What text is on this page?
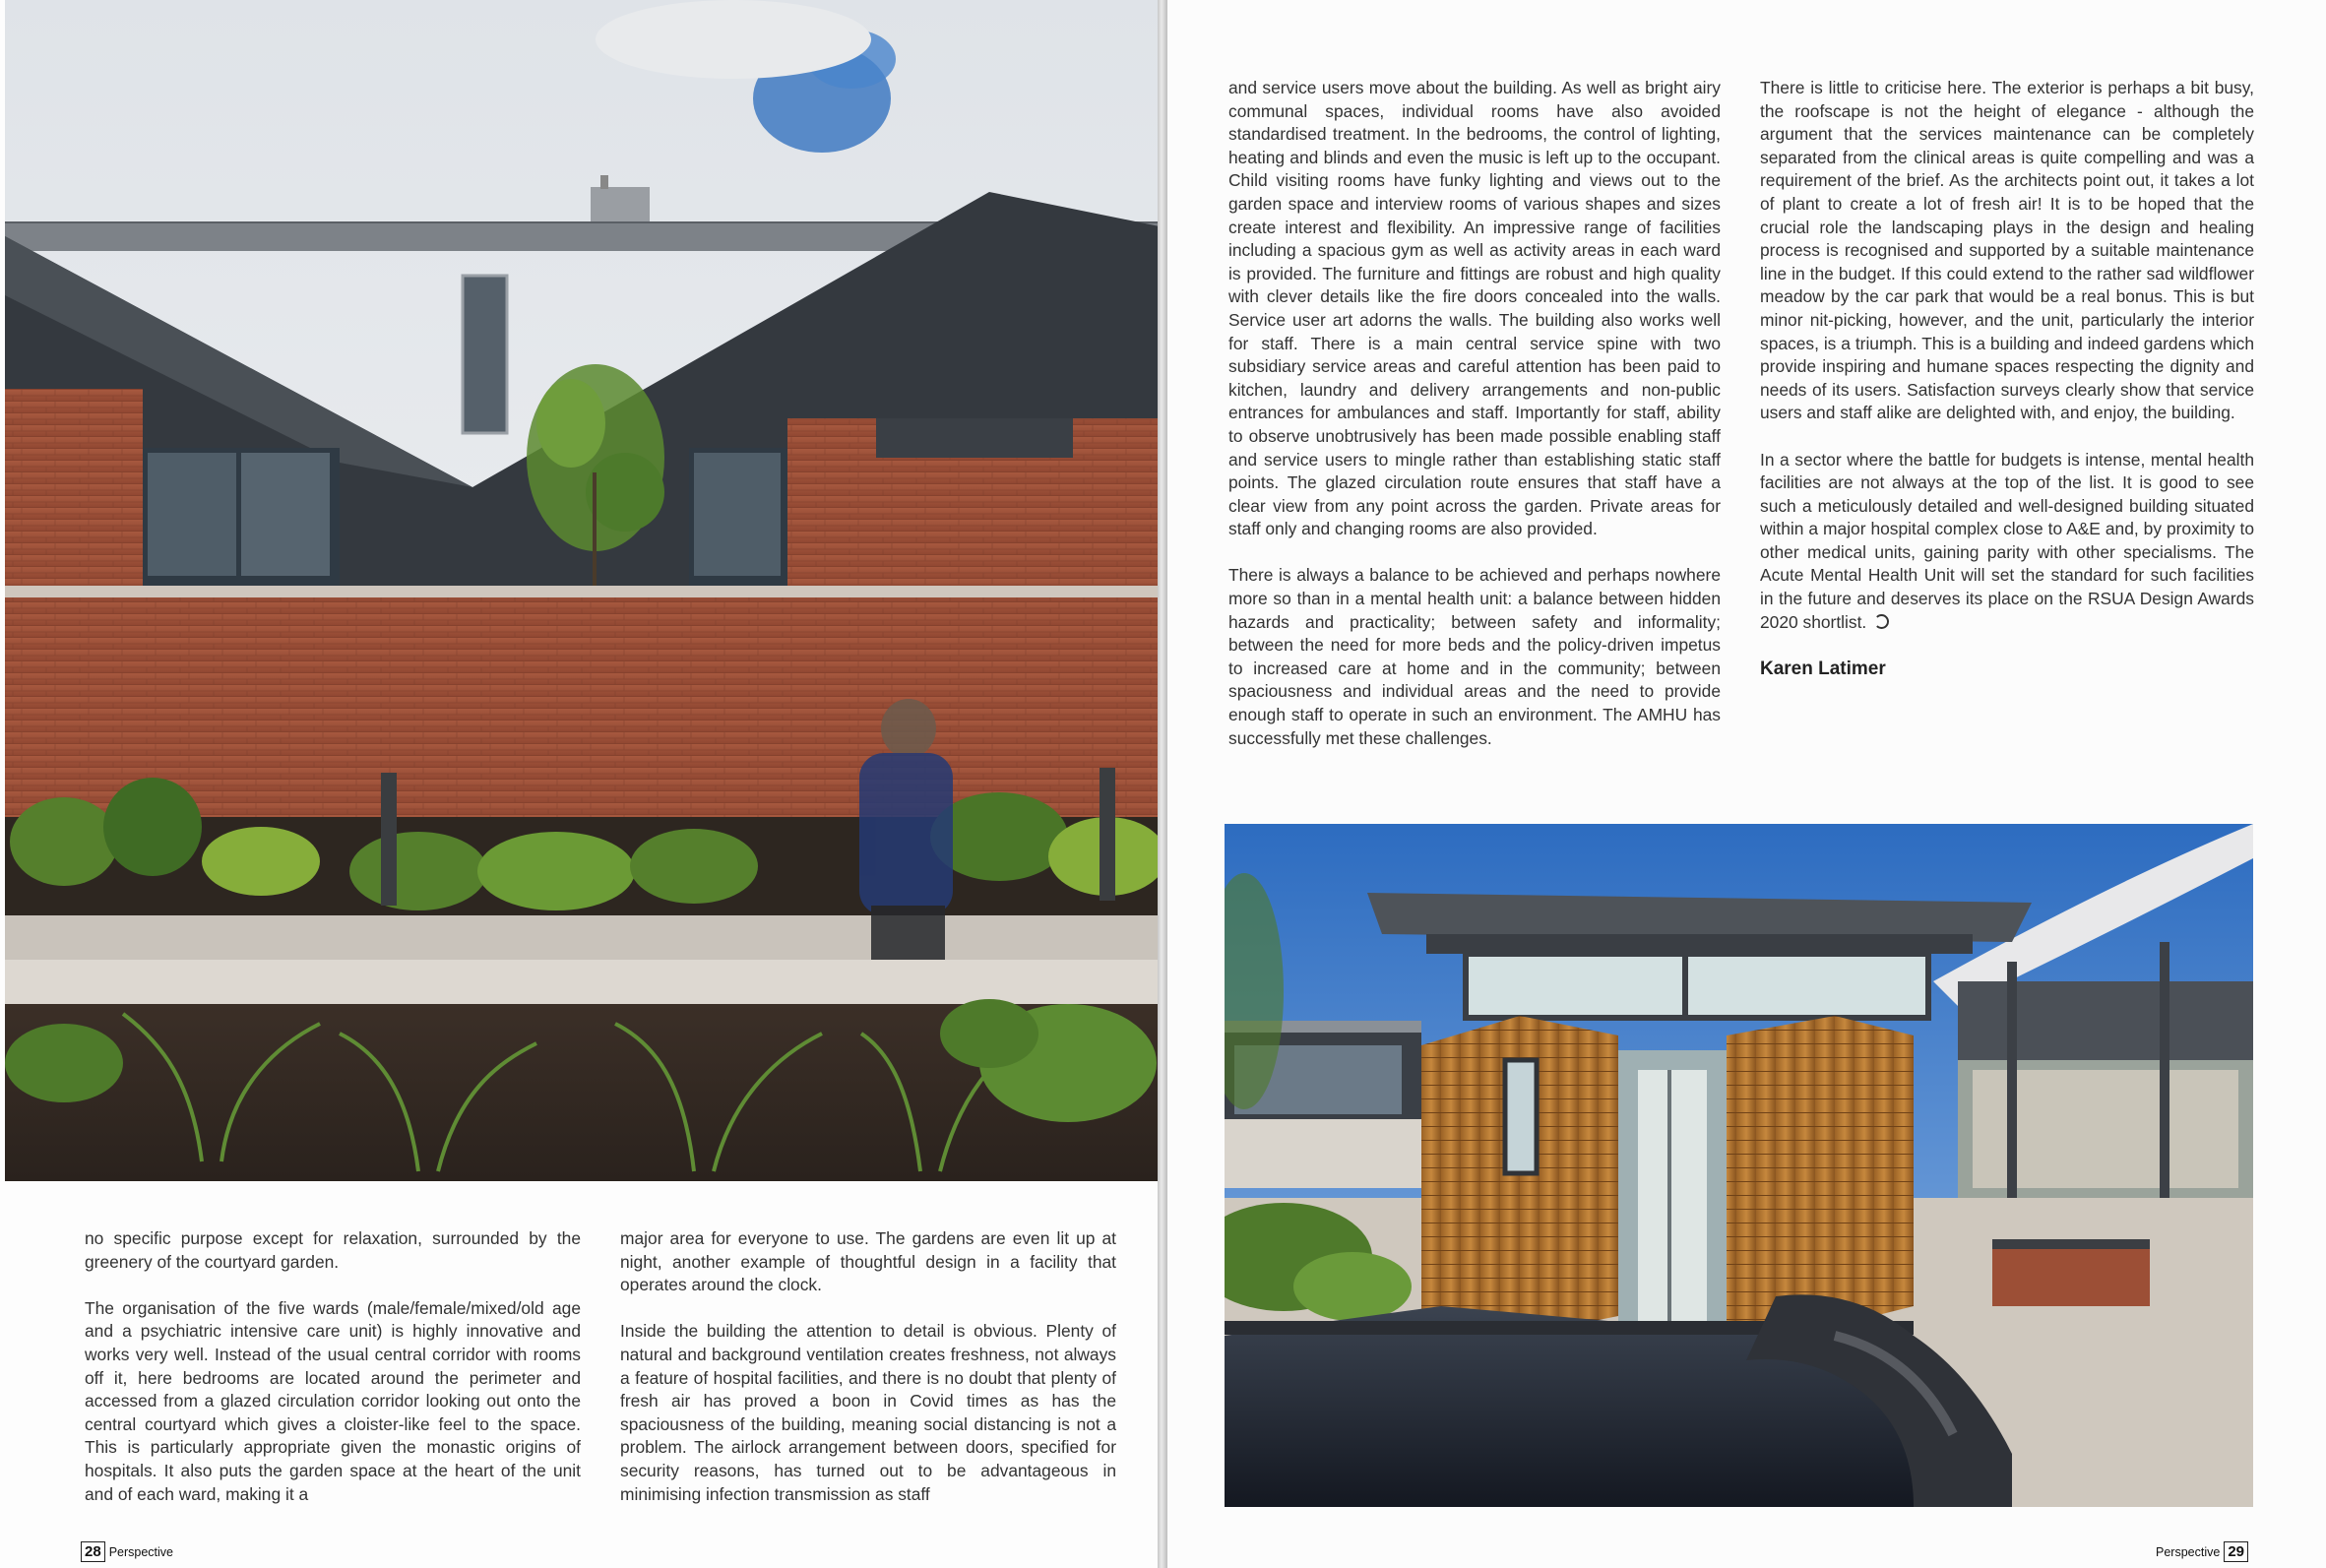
no specific purpose except for relaxation, surrounded by the greenery of the courtyard garden.

The organisation of the five wards (male/female/mixed/old age and a psychiatric intensive care unit) is highly innovative and works very well. Instead of the usual central corridor with rooms off it, here bedrooms are located around the perimeter and accessed from a glazed circulation corridor looking out onto the central courtyard which gives a cloister-like feel to the space. This is particularly appropriate given the monastic origins of hospitals. It also puts the garden space at the heart of the unit and of each ward, making it a

major area for everyone to use. The gardens are even lit up at night, another example of thoughtful design in a facility that operates around the clock.

Inside the building the attention to detail is obvious. Plenty of natural and background ventilation creates freshness, not always a feature of hospital facilities, and there is no doubt that plenty of fresh air has proved a boon in Covid times as has the spaciousness of the building, meaning social distancing is not a problem. The airlock arrangement between doors, specified for security reasons, has turned out to be advantageous in minimising infection transmission as staff

28 Perspective

and service users move about the building. As well as bright airy communal spaces, individual rooms have also avoided standardised treatment. In the bedrooms, the control of lighting, heating and blinds and even the music is left up to the occupant. Child visiting rooms have funky lighting and views out to the garden space and interview rooms of various shapes and sizes create interest and flexibility. An impressive range of facilities including a spacious gym as well as activity areas in each ward is provided. The furniture and fittings are robust and high quality with clever details like the fire doors concealed into the walls. Service user art adorns the walls. The building also works well for staff. There is a main central service spine with two subsidiary service areas and careful attention has been paid to kitchen, laundry and delivery arrangements and non-public entrances for ambulances and staff. Importantly for staff, ability to observe unobtrusively has been made possible enabling staff and service users to mingle rather than establishing static staff points. The glazed circulation route ensures that staff have a clear view from any point across the garden. Private areas for staff only and changing rooms are also provided.

There is always a balance to be achieved and perhaps nowhere more so than in a mental health unit: a balance between hidden hazards and practicality; between safety and informality; between the need for more beds and the policy-driven impetus to increased care at home and in the community; between spaciousness and individual areas and the need to provide enough staff to operate in such an environment. The AMHU has successfully met these challenges.

There is little to criticise here. The exterior is perhaps a bit busy, the roofscape is not the height of elegance - although the argument that the services maintenance can be completely separated from the clinical areas is quite compelling and was a requirement of the brief. As the architects point out, it takes a lot of plant to create a lot of fresh air! It is to be hoped that the crucial role the landscaping plays in the design and healing process is recognised and supported by a suitable maintenance line in the budget. If this could extend to the rather sad wildflower meadow by the car park that would be a real bonus. This is but minor nit-picking, however, and the unit, particularly the interior spaces, is a triumph. This is a building and indeed gardens which provide inspiring and humane spaces respecting the dignity and needs of its users. Satisfaction surveys clearly show that service users and staff alike are delighted with, and enjoy, the building.

In a sector where the battle for budgets is intense, mental health facilities are not always at the top of the list. It is good to see such a meticulously detailed and well-designed building situated within a major hospital complex close to A&E and, by proximity to other medical units, gaining parity with other specialisms. The Acute Mental Health Unit will set the standard for such facilities in the future and deserves its place on the RSUA Design Awards 2020 shortlist.

Karen Latimer
Perspective 29
